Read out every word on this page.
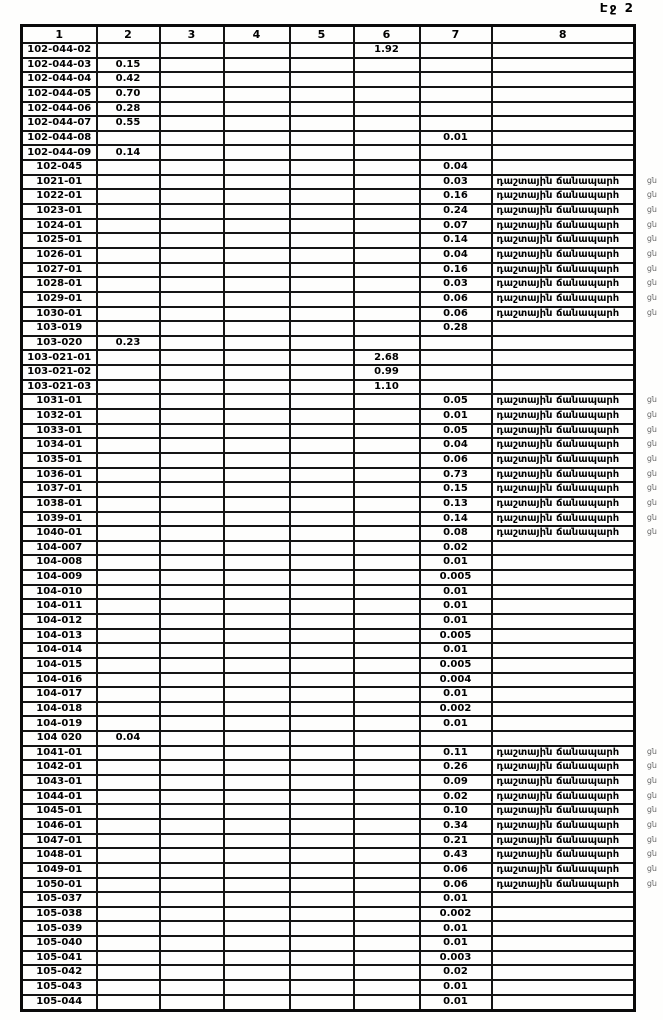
Էջ 2
1	2	3	4	5	6	7	8
102-044-02					1.92		
102-044-03	0.15						
102-044-04	0.42						
102-044-05	0.70						
102-044-06	0.28						
102-044-07	0.55						
102-044-08						0.01	
102-044-09	0.14						
102-045						0.04	
1021-01						0.03	դաշտային ճանապարհ ցն

1022-01						0.16	դաշտային ճանապարհ ցն

1023-01						0.24	դաշտային ճանապարհ ցն

1024-01						0.07	դաշտային ճանապարհ ցն

1025-01						0.14	դաշտային ճանապարհ ցն

1026-01						0.04	դաշտային ճանապարհ ցն

1027-01						0.16	դաշտային ճանապարհ ցն

1028-01						0.03	դաշտային ճանապարհ ցն

1029-01						0.06	դաշտային ճանապարհ ցն

1030-01						0.06	դաշտային ճանապարհ ցն

103-019						0.28	
103-020	0.23						
103-021-01					2.68		
103-021-02					0.99		
103-021-03					1.10		
1031-01						0.05	դաշտային ճանապարհ ցն

1032-01						0.01	դաշտային ճանապարհ ցն

1033-01						0.05	դաշտային ճանապարհ ցն

1034-01						0.04	դաշտային ճանապարհ ցն

1035-01						0.06	դաշտային ճանապարհ ցն

1036-01						0.73	դաշտային ճանապարհ ցն

1037-01						0.15	դաշտային ճանապարհ ցն

1038-01						0.13	դաշտային ճանապարհ ցն

1039-01						0.14	դաշտային ճանապարհ ցն

1040-01						0.08	դաշտային ճանապարհ ցն

104-007						0.02	
104-008						0.01	
104-009						0.005	
104-010						0.01	
104-011						0.01	
104-012						0.01	
104-013						0.005	
104-014						0.01	
104-015						0.005	
104-016						0.004	
104-017						0.01	
104-018						0.002	
104-019						0.01	
104 020	0.04						
1041-01						0.11	դաշտային ճանապարհ ցն

1042-01						0.26	դաշտային ճանապարհ ցն

1043-01						0.09	դաշտային ճանապարհ ցն

1044-01						0.02	դաշտային ճանապարհ ցն

1045-01						0.10	դաշտային ճանապարհ ցն

1046-01						0.34	դաշտային ճանապարհ ցն

1047-01						0.21	դաշտային ճանապարհ ցն

1048-01						0.43	դաշտային ճանապարհ ցն

1049-01						0.06	դաշտային ճանապարհ ցն

1050-01						0.06	դաշտային ճանապարհ ցն

105-037						0.01	
105-038						0.002	
105-039						0.01	
105-040						0.01	
105-041						0.003	
105-042						0.02	
105-043						0.01	
105-044						0.01	
